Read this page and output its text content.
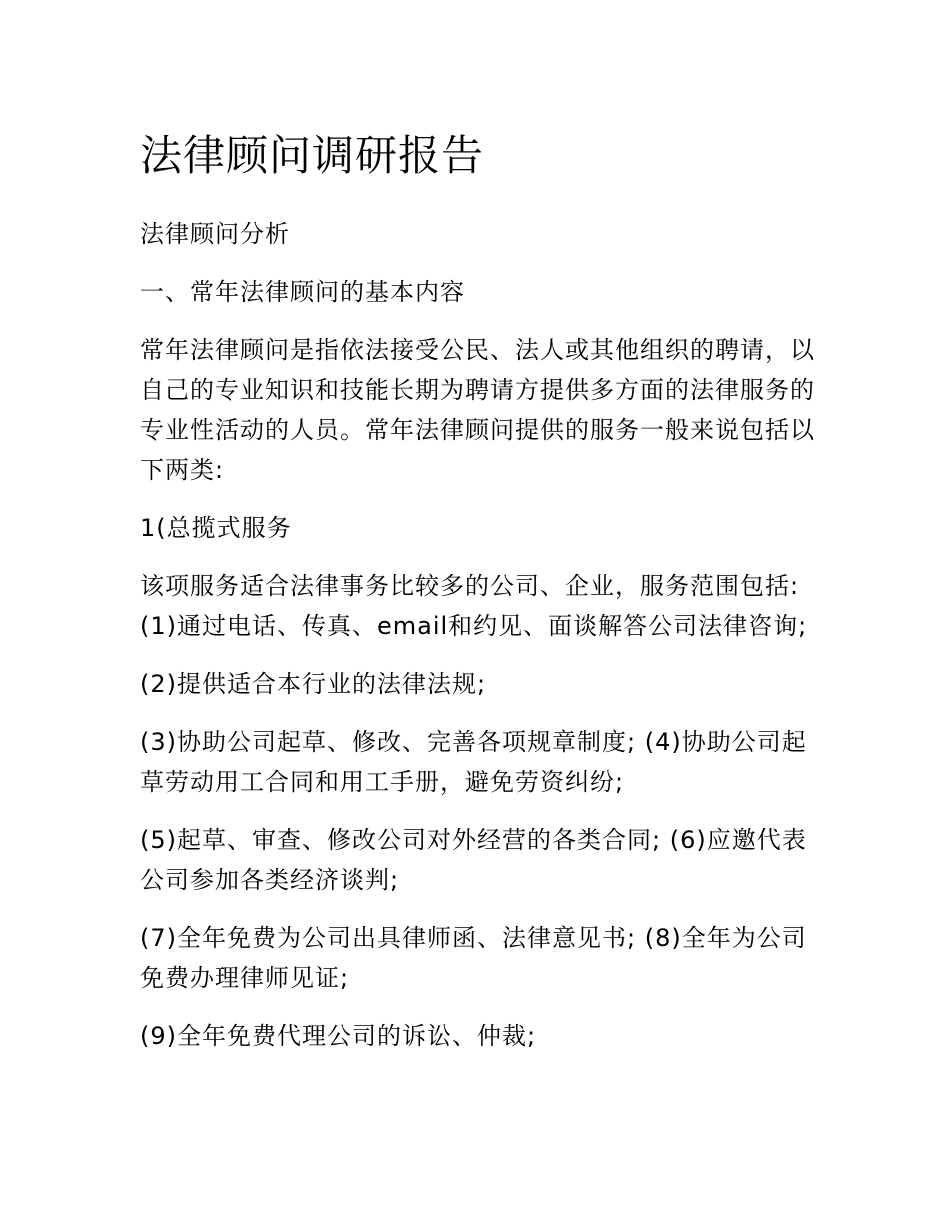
法律顾问调研报告

法律顾问分析

一、常年法律顾问的基本内容

常年法律顾问是指依法接受公民、法人或其他组织的聘请，以自己的专业知识和技能长期为聘请方提供多方面的法律服务的专业性活动的人员。常年法律顾问提供的服务一般来说包括以下两类:

1(总揽式服务

该项服务适合法律事务比较多的公司、企业，服务范围包括: (1)通过电话、传真、email和约见、面谈解答公司法律咨询;

(2)提供适合本行业的法律法规;

(3)协助公司起草、修改、完善各项规章制度; (4)协助公司起草劳动用工合同和用工手册，避免劳资纠纷;

(5)起草、审查、修改公司对外经营的各类合同; (6)应邀代表公司参加各类经济谈判;

(7)全年免费为公司出具律师函、法律意见书; (8)全年为公司免费办理律师见证;

(9)全年免费代理公司的诉讼、仲裁;
